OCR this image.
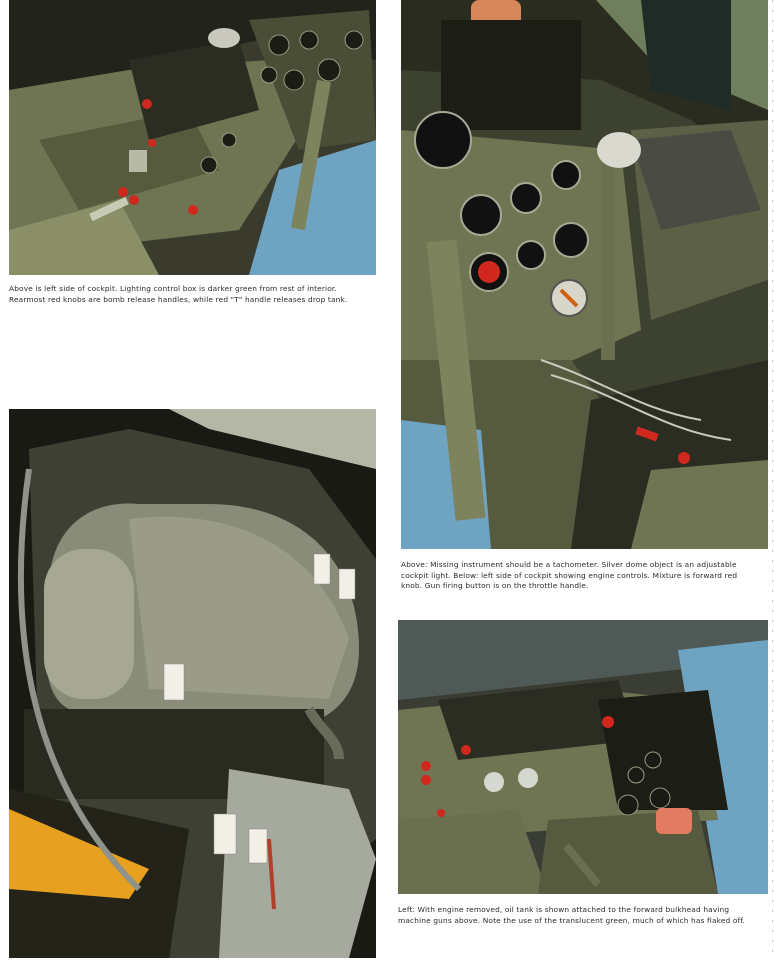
Above is left side of cockpit. Lighting control box is darker green from rest of interior. Rearmost red knobs are bomb release handles, while red "T" handle releases drop tank.

Above: Missing instrument should be a tachometer. Silver dome object is an adjustable cockpit light. Below: left side of cockpit showing engine controls. Mixture is forward red knob. Gun firing button is on the throttle handle.

Left: With engine removed, oil tank is shown attached to the forward bulkhead having machine guns above. Note the use of the translucent green, much of which has flaked off.
